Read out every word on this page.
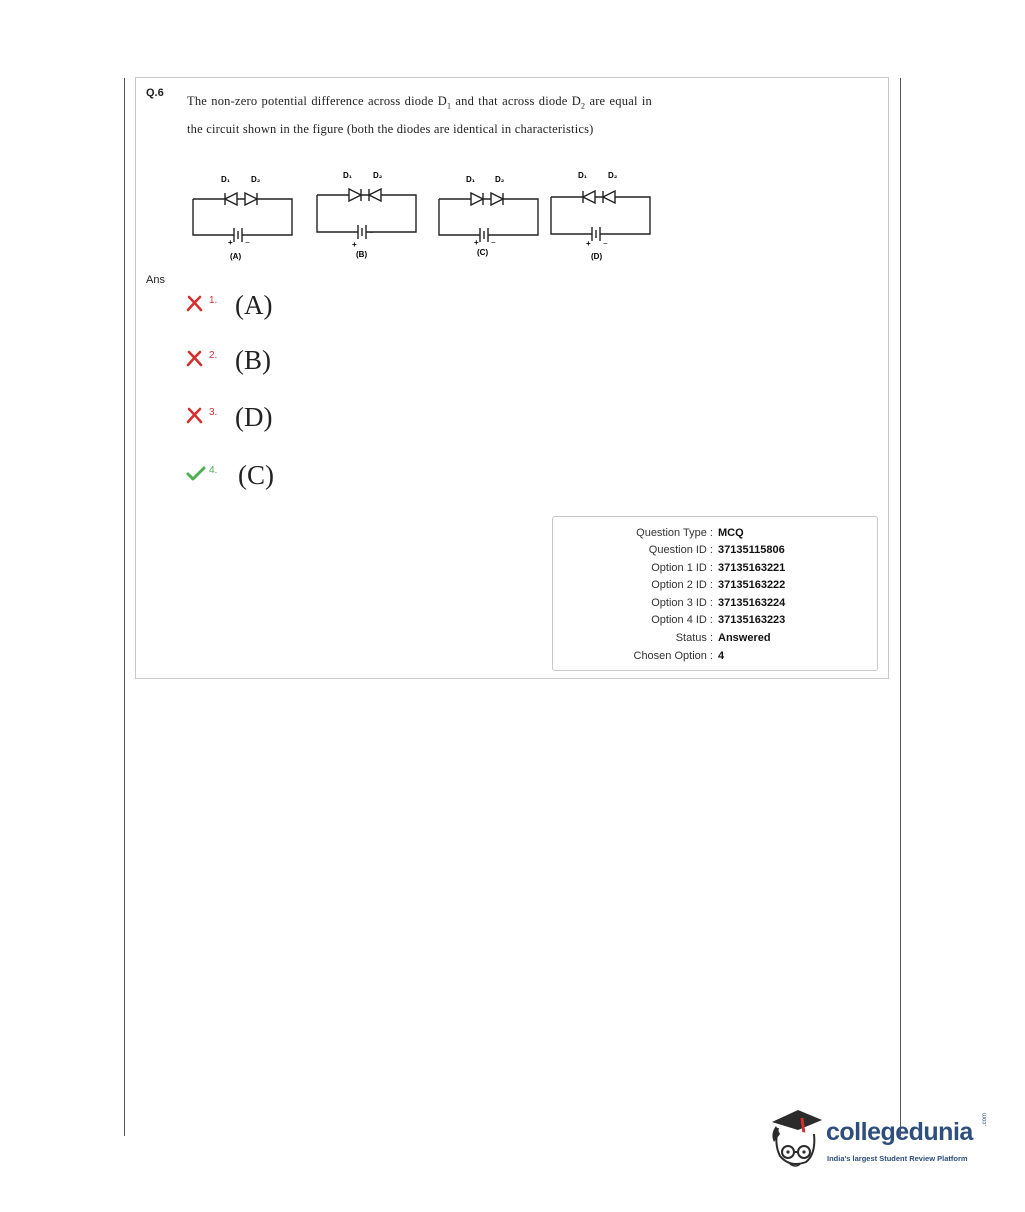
Q.6
The non-zero potential difference across diode $D_1$ and that across diode $D_2$ are equal in the circuit shown in the figure (both the diodes are identical in characteristics)
D₁	D₂
+ −
(A)
D₁	D₂
+
−
(B)
D₁ D₂
+ −
(C)
D₁	D₂
+ −
(D)
Ans
1. (A)
2. (B)
3. (D)
4. (C)
Question Type : MCQ
Question ID : 37135115806
Option 1 ID : 37135163221
Option 2 ID : 37135163222
Option 3 ID : 37135163224
Option 4 ID : 37135163223
Status : Answered
Chosen Option : 4
collegedunia .com
India's largest Student Review Platform
